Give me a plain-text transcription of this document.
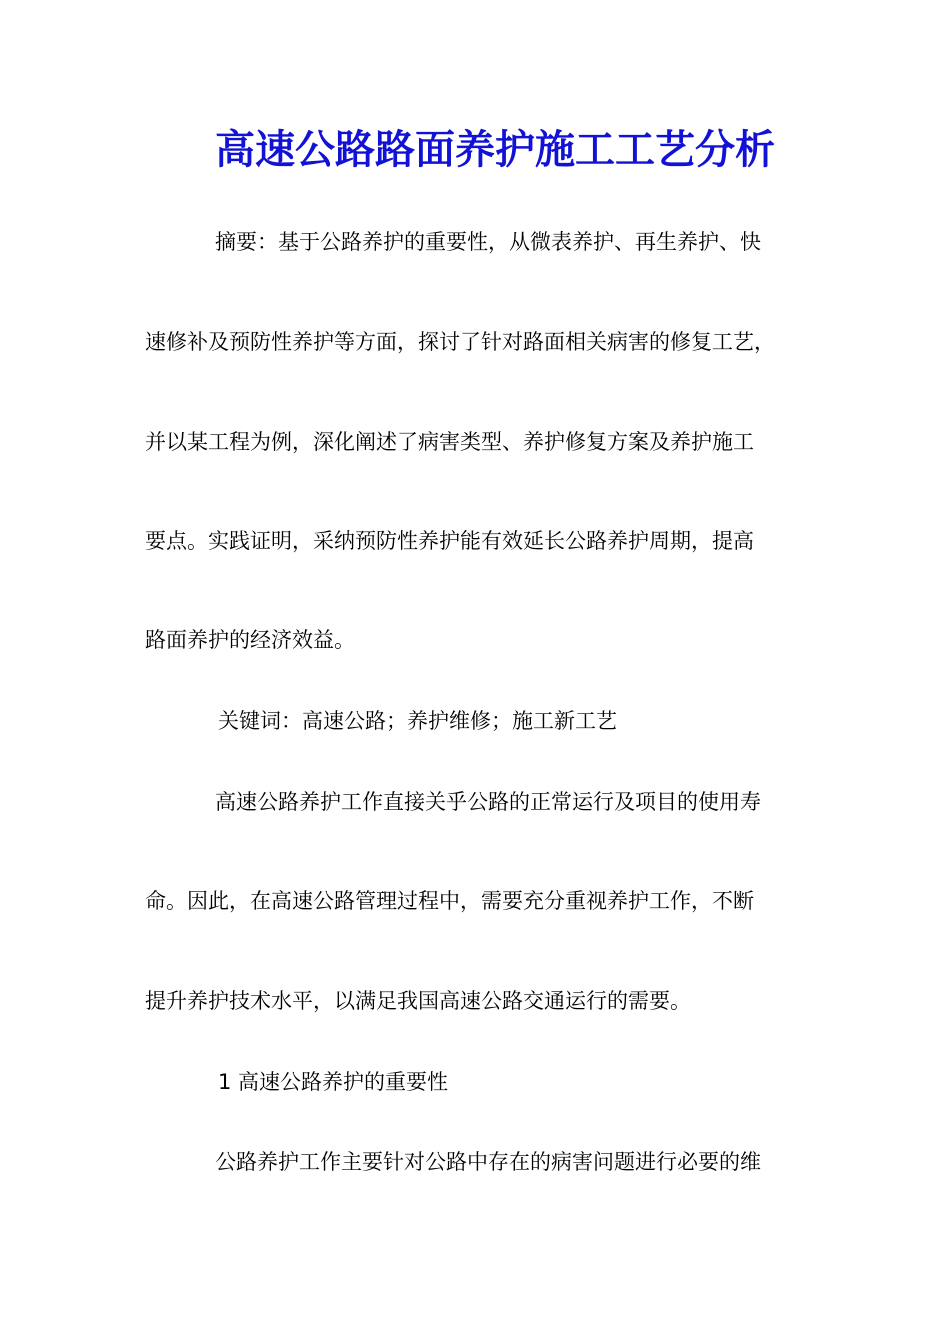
高速公路路面养护施工工艺分析
摘要：基于公路养护的重要性，从微表养护、再生养护、快
速修补及预防性养护等方面，探讨了针对路面相关病害的修复工艺，
并以某工程为例，深化阐述了病害类型、养护修复方案及养护施工
要点。实践证明，采纳预防性养护能有效延长公路养护周期，提高
路面养护的经济效益。
关键词：高速公路；养护维修；施工新工艺
高速公路养护工作直接关乎公路的正常运行及项目的使用寿
命。因此，在高速公路管理过程中，需要充分重视养护工作，不断
提升养护技术水平，以满足我国高速公路交通运行的需要。
1 高速公路养护的重要性
公路养护工作主要针对公路中存在的病害问题进行必要的维
